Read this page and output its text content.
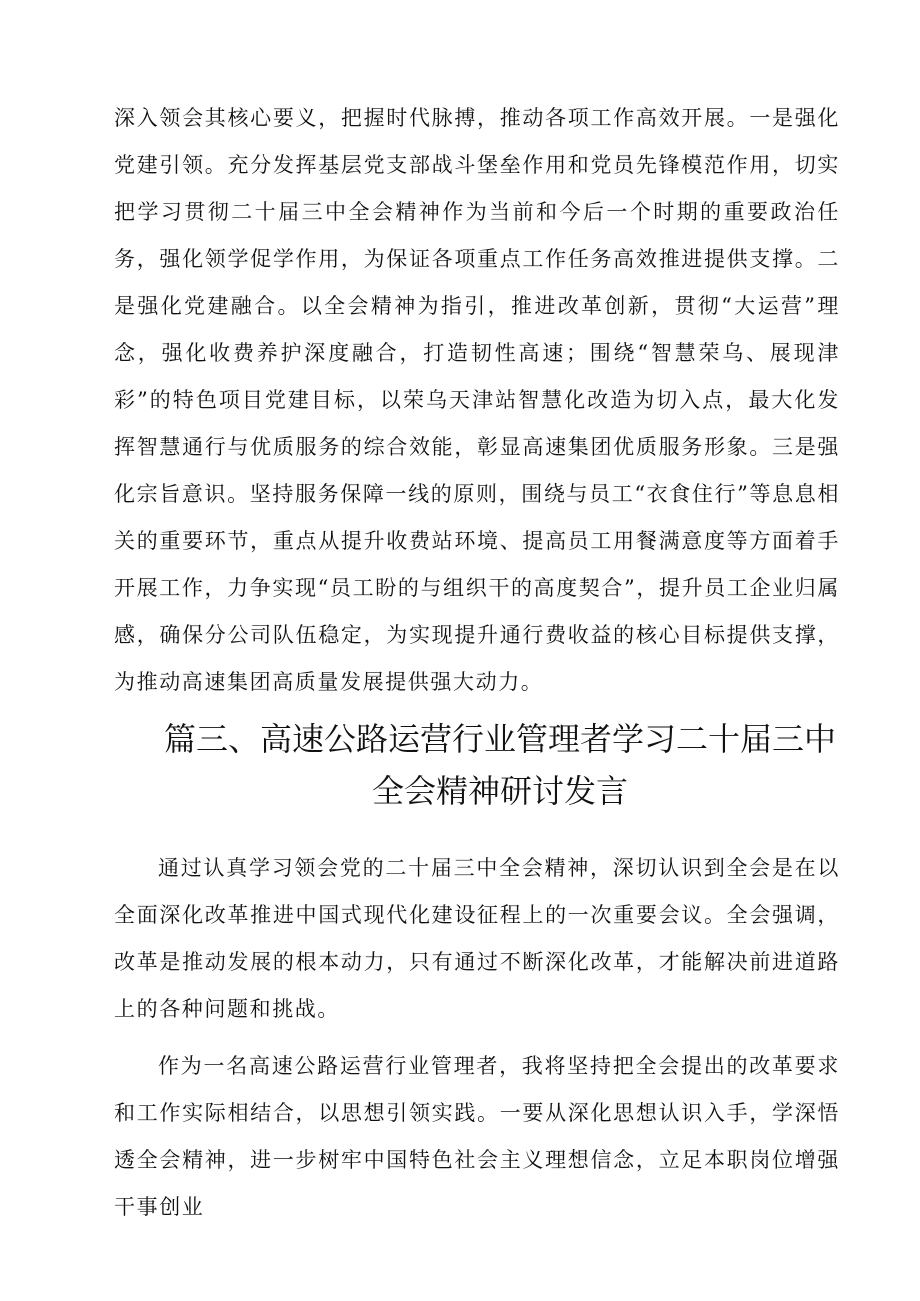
深入领会其核心要义，把握时代脉搏，推动各项工作高效开展。一是强化党建引领。充分发挥基层党支部战斗堡垒作用和党员先锋模范作用，切实把学习贯彻二十届三中全会精神作为当前和今后一个时期的重要政治任务，强化领学促学作用，为保证各项重点工作任务高效推进提供支撑。二是强化党建融合。以全会精神为指引，推进改革创新，贯彻“大运营”理念，强化收费养护深度融合，打造韧性高速；围绕“智慧荣乌、展现津彩”的特色项目党建目标，以荣乌天津站智慧化改造为切入点，最大化发挥智慧通行与优质服务的综合效能，彰显高速集团优质服务形象。三是强化宗旨意识。坚持服务保障一线的原则，围绕与员工“衣食住行”等息息相关的重要环节，重点从提升收费站环境、提高员工用餐满意度等方面着手开展工作，力争实现“员工盼的与组织干的高度契合”，提升员工企业归属感，确保分公司队伍稳定，为实现提升通行费收益的核心目标提供支撑，为推动高速集团高质量发展提供强大动力。

篇三、高速公路运营行业管理者学习二十届三中全会精神研讨发言

通过认真学习领会党的二十届三中全会精神，深切认识到全会是在以全面深化改革推进中国式现代化建设征程上的一次重要会议。全会强调，改革是推动发展的根本动力，只有通过不断深化改革，才能解决前进道路上的各种问题和挑战。

作为一名高速公路运营行业管理者，我将坚持把全会提出的改革要求和工作实际相结合，以思想引领实践。一要从深化思想认识入手，学深悟透全会精神，进一步树牢中国特色社会主义理想信念，立足本职岗位增强干事创业
